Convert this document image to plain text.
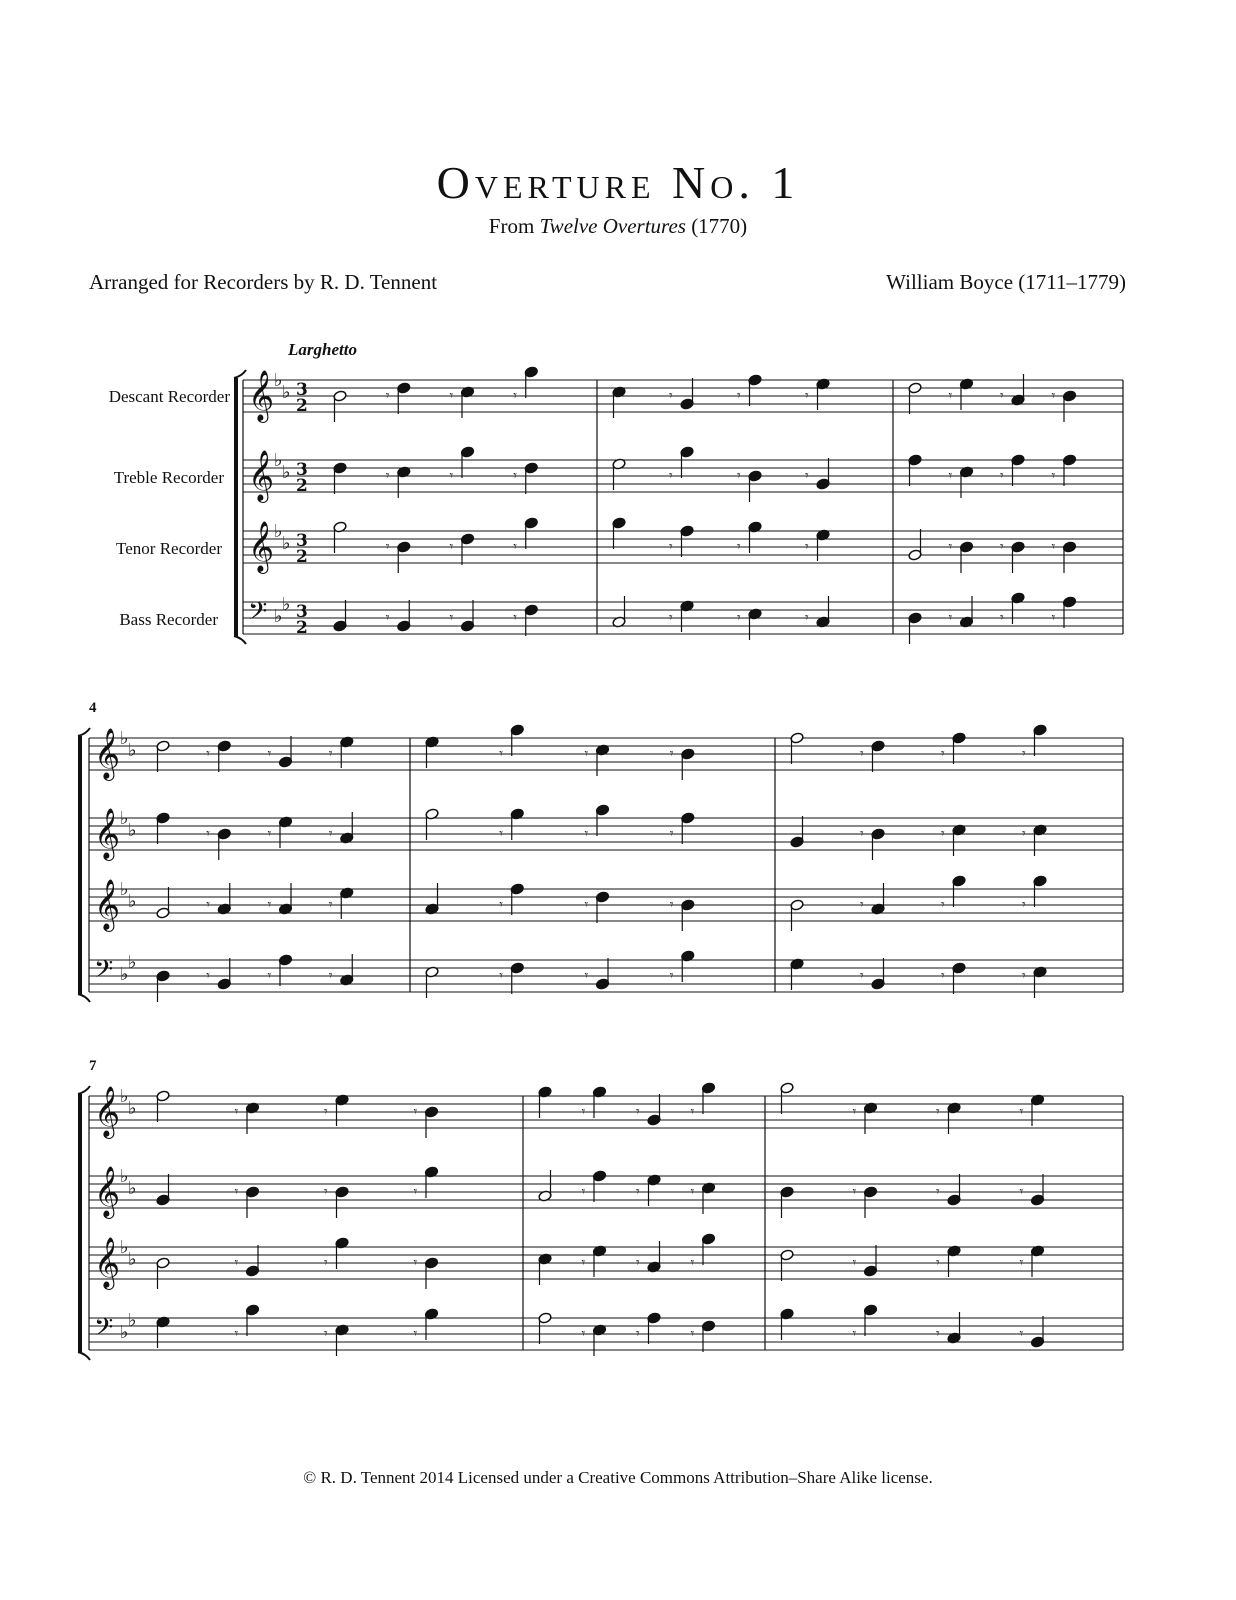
Overture No. 1
From Twelve Overtures (1770)
Arranged for Recorders by R. D. Tennent	William Boyce (1711–1779)
Larghetto
Descant Recorder
Treble Recorder
Tenor Recorder
Bass Recorder
4
7
𝄞 ♭
♭ 3
2	𝄾	𝄾	𝄾	𝄾	𝄾	𝄾	𝄾	𝄾	𝄾
𝄞 ♭
♭ 3
2	𝄾	𝄾	𝄾	𝄾	𝄾	𝄾	𝄾	𝄾	𝄾
𝄞 ♭
♭ 3
2	𝄾	𝄾	𝄾	𝄾	𝄾	𝄾	𝄾	𝄾	𝄾
𝄢 ♭
♭ 3
2	𝄾	𝄾	𝄾	𝄾	𝄾	𝄾	𝄾	𝄾	𝄾
𝄞 ♭
♭	𝄾	𝄾	𝄾	𝄾	𝄾	𝄾	𝄾	𝄾	𝄾
𝄞 ♭
♭	𝄾	𝄾	𝄾	𝄾	𝄾	𝄾	𝄾	𝄾	𝄾
𝄞 ♭
♭	𝄾	𝄾	𝄾	𝄾	𝄾	𝄾	𝄾	𝄾	𝄾
𝄢 ♭
♭
𝄾	𝄾	𝄾	𝄾	𝄾	𝄾	𝄾	𝄾	𝄾
𝄞 ♭
♭	𝄾	𝄾	𝄾	𝄾	𝄾	𝄾	𝄾	𝄾	𝄾
𝄞 ♭
♭	𝄾	𝄾	𝄾	𝄾	𝄾	𝄾	𝄾	𝄾	𝄾
𝄞 ♭
♭	𝄾	𝄾	𝄾	𝄾	𝄾	𝄾	𝄾	𝄾	𝄾
𝄢 ♭
♭
𝄾	𝄾	𝄾	𝄾	𝄾	𝄾	𝄾	𝄾	𝄾
© R. D. Tennent 2014 Licensed under a Creative Commons Attribution–Share Alike license.
